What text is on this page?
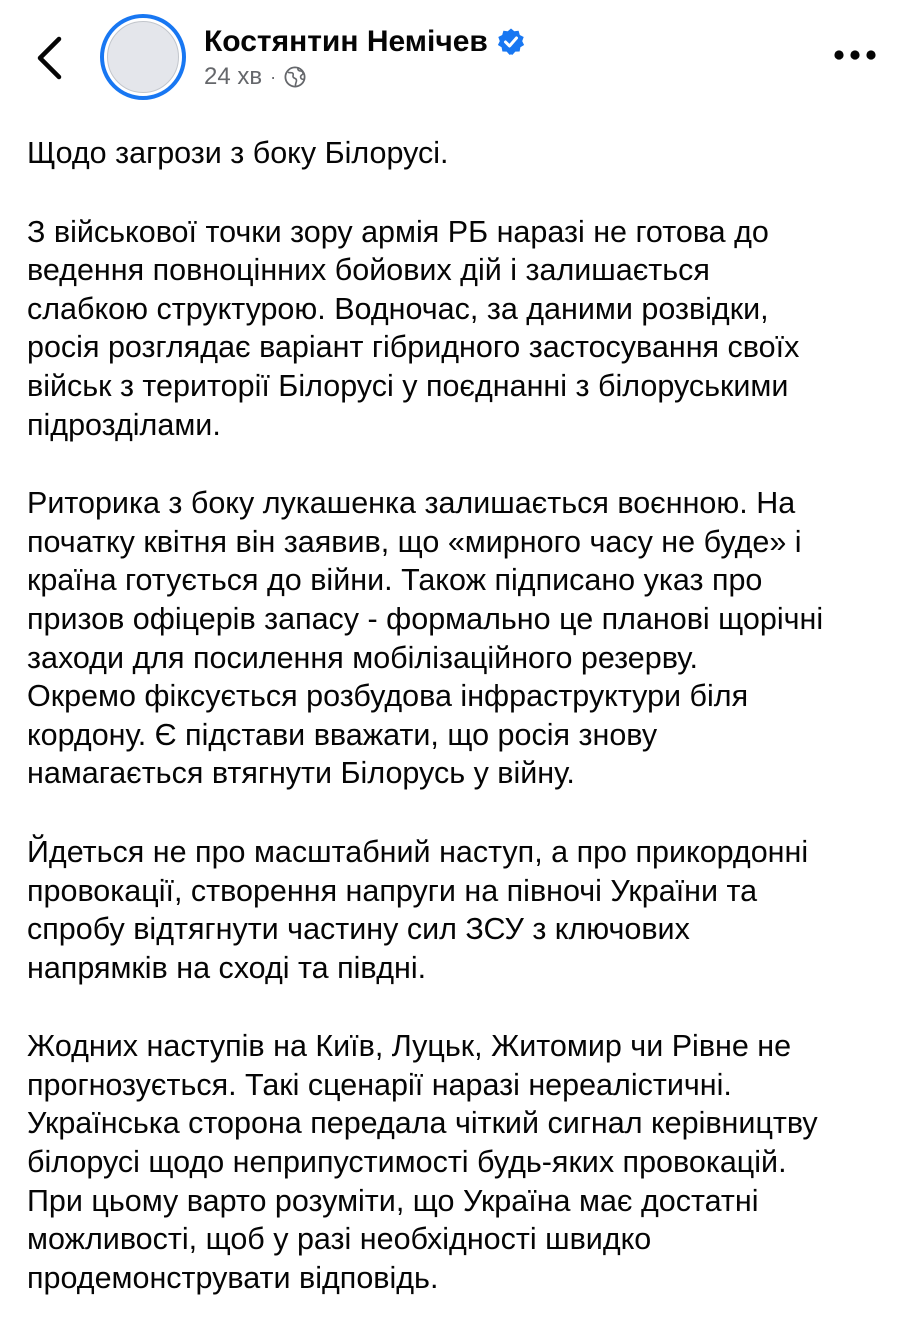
Костянтин Немічев
24 хв ·

Щодо загрози з боку Білорусі.

З військової точки зору армія РБ наразі не готова до
ведення повноцінних бойових дій і залишається
слабкою структурою. Водночас, за даними розвідки,
росія розглядає варіант гібридного застосування своїх
військ з території Білорусі у поєднанні з білоруськими
підрозділами.

Риторика з боку лукашенка залишається воєнною. На
початку квітня він заявив, що «мирного часу не буде» і
країна готується до війни. Також підписано указ про
призов офіцерів запасу - формально це планові щорічні
заходи для посилення мобілізаційного резерву.
Окремо фіксується розбудова інфраструктури біля
кордону. Є підстави вважати, що росія знову
намагається втягнути Білорусь у війну.

Йдеться не про масштабний наступ, а про прикордонні
провокації, створення напруги на півночі України та
спробу відтягнути частину сил ЗСУ з ключових
напрямків на сході та півдні.

Жодних наступів на Київ, Луцьк, Житомир чи Рівне не
прогнозується. Такі сценарії наразі нереалістичні.
Українська сторона передала чіткий сигнал керівництву
білорусі щодо неприпустимості будь-яких провокацій.
При цьому варто розуміти, що Україна має достатні
можливості, щоб у разі необхідності швидко
продемонструвати відповідь.
